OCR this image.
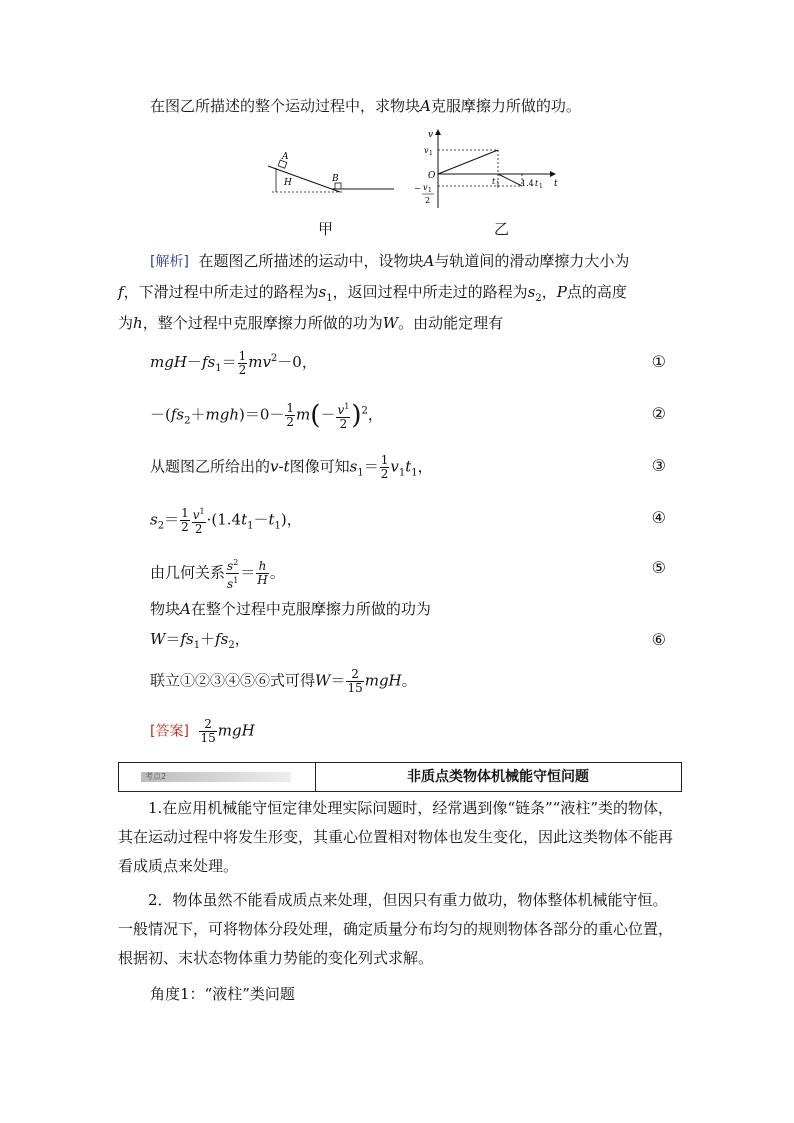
在图乙所描述的整个运动过程中，求物块A克服摩擦力所做的功。
A
B
H
甲
v
t
O
v 1
t 1	1.4 t 1
− v 1
2
乙
[解析] 在题图乙所描述的运动中，设物块A与轨道间的滑动摩擦力大小为
f，下滑过程中所走过的路程为$s_1$，返回过程中所走过的路程为$s_2$，P点的高度
为h，整个过程中克服摩擦力所做的功为W。由动能定理有
$mgH-fs_1= \frac{1}{2} mv^2-0$，	①
$-(fs_2+mgh)=0- \frac{1}{2} m(- \frac{v^1}{2} )^2$，	②
从题图乙所给出的v-t图像可知$s_1= \frac{1}{2} v_1t_1$，	③
$s_2= \frac{1}{2} \frac{v^1}{2} \cdot(1.4t_1-t_1)$，	④
由几何关系 $\frac{s^2}{s^1} = \frac{h}{H}$ 。	⑤
物块A在整个过程中克服摩擦力所做的功为
$W=fs_1+fs_2$，	⑥
联立①②③④⑤⑥式可得$W= \frac{2}{15}$ mgH。
[答案] $\frac{2}{15}$ mgH
考点2	非质点类物体机械能守恒问题
1.在应用机械能守恒定律处理实际问题时，经常遇到像“链条”“液柱”类的物体，其在运动过程中将发生形变，其重心位置相对物体也发生变化，因此这类物体不能再看成质点来处理。
2．物体虽然不能看成质点来处理，但因只有重力做功，物体整体机械能守恒。一般情况下，可将物体分段处理，确定质量分布均匀的规则物体各部分的重心位置，根据初、末状态物体重力势能的变化列式求解。
角度1：“液柱”类问题
